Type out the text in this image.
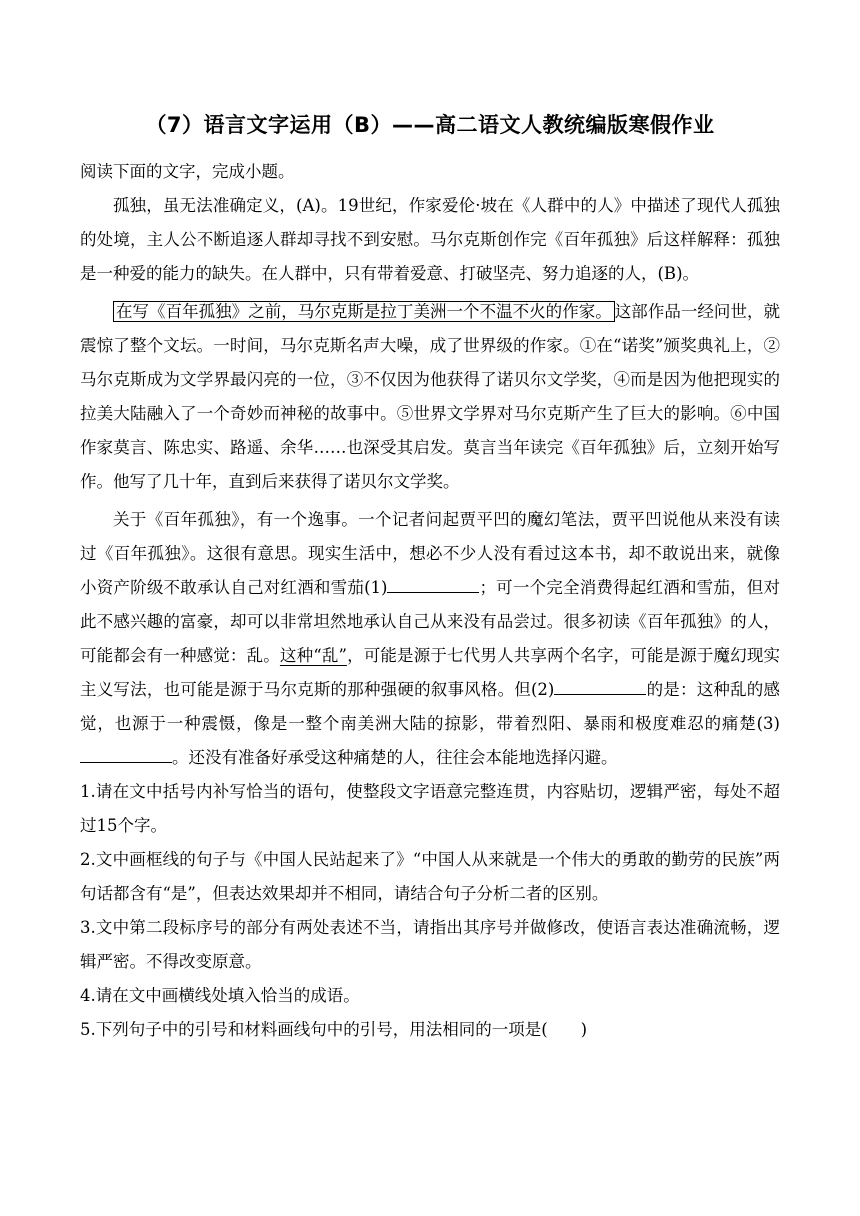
（7）语言文字运用（B）——高二语文人教统编版寒假作业

阅读下面的文字，完成小题。

孤独，虽无法准确定义，(A)。19世纪，作家爱伦·坡在《人群中的人》中描述了现代人孤独的处境，主人公不断追逐人群却寻找不到安慰。马尔克斯创作完《百年孤独》后这样解释：孤独是一种爱的能力的缺失。在人群中，只有带着爱意、打破坚壳、努力追逐的人，(B)。

在写《百年孤独》之前，马尔克斯是拉丁美洲一个不温不火的作家。 这部作品一经问世，就震惊了整个文坛。一时间，马尔克斯名声大噪，成了世界级的作家。①在“诺奖”颁奖典礼上，②马尔克斯成为文学界最闪亮的一位，③不仅因为他获得了诺贝尔文学奖，④而是因为他把现实的拉美大陆融入了一个奇妙而神秘的故事中。⑤世界文学界对马尔克斯产生了巨大的影响。⑥中国作家莫言、陈忠实、路遥、余华……也深受其启发。莫言当年读完《百年孤独》后，立刻开始写作。他写了几十年，直到后来获得了诺贝尔文学奖。

关于《百年孤独》，有一个逸事。一个记者问起贾平凹的魔幻笔法，贾平凹说他从来没有读过《百年孤独》。这很有意思。现实生活中，想必不少人没有看过这本书，却不敢说出来，就像小资产阶级不敢承认自己对红酒和雪茄(1)	；可一个完全消费得起红酒和雪茄，但对此不感兴趣的富豪，却可以非常坦然地承认自己从来没有品尝过。很多初读《百年孤独》的人，可能都会有一种感觉：乱。这种“乱”，可能是源于七代男人共享两个名字，可能是源于魔幻现实主义写法，也可能是源于马尔克斯的那种强硬的叙事风格。但(2)	的是：这种乱的感觉，也源于一种震慑，像是一整个南美洲大陆的掠影，带着烈阳、暴雨和极度难忍的痛楚(3)。还没有准备好承受这种痛楚的人，往往会本能地选择闪避。

1.请在文中括号内补写恰当的语句，使整段文字语意完整连贯，内容贴切，逻辑严密，每处不超过15个字。

2.文中画框线的句子与《中国人民站起来了》“中国人从来就是一个伟大的勇敢的勤劳的民族”两句话都含有“是”，但表达效果却并不相同，请结合句子分析二者的区别。

3.文中第二段标序号的部分有两处表述不当，请指出其序号并做修改，使语言表达准确流畅，逻辑严密。不得改变原意。

4.请在文中画横线处填入恰当的成语。

5.下列句子中的引号和材料画线句中的引号，用法相同的一项是(　　)
